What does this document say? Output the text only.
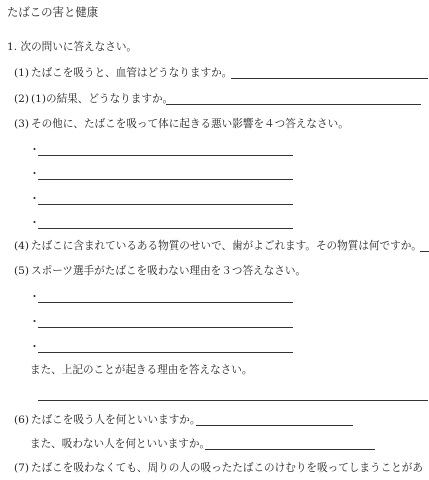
たばこの害と健康
1. 次の問いに答えなさい。
(1) たばこを吸うと、血管はどうなりますか。
(2) (1)の結果、どうなりますか。
(3) その他に、たばこを吸って体に起きる悪い影響を４つ答えなさい。
・
・
・
・
(4) たばこに含まれているある物質のせいで、歯がよごれます。その物質は何ですか。
(5) スポーツ選手がたばこを吸わない理由を３つ答えなさい。
・
・
・
また、上記のことが起きる理由を答えなさい。
(6) たばこを吸う人を何といいますか。
また、吸わない人を何といいますか。
(7) たばこを吸わなくても、周りの人の吸ったたばこのけむりを吸ってしまうことがあ
